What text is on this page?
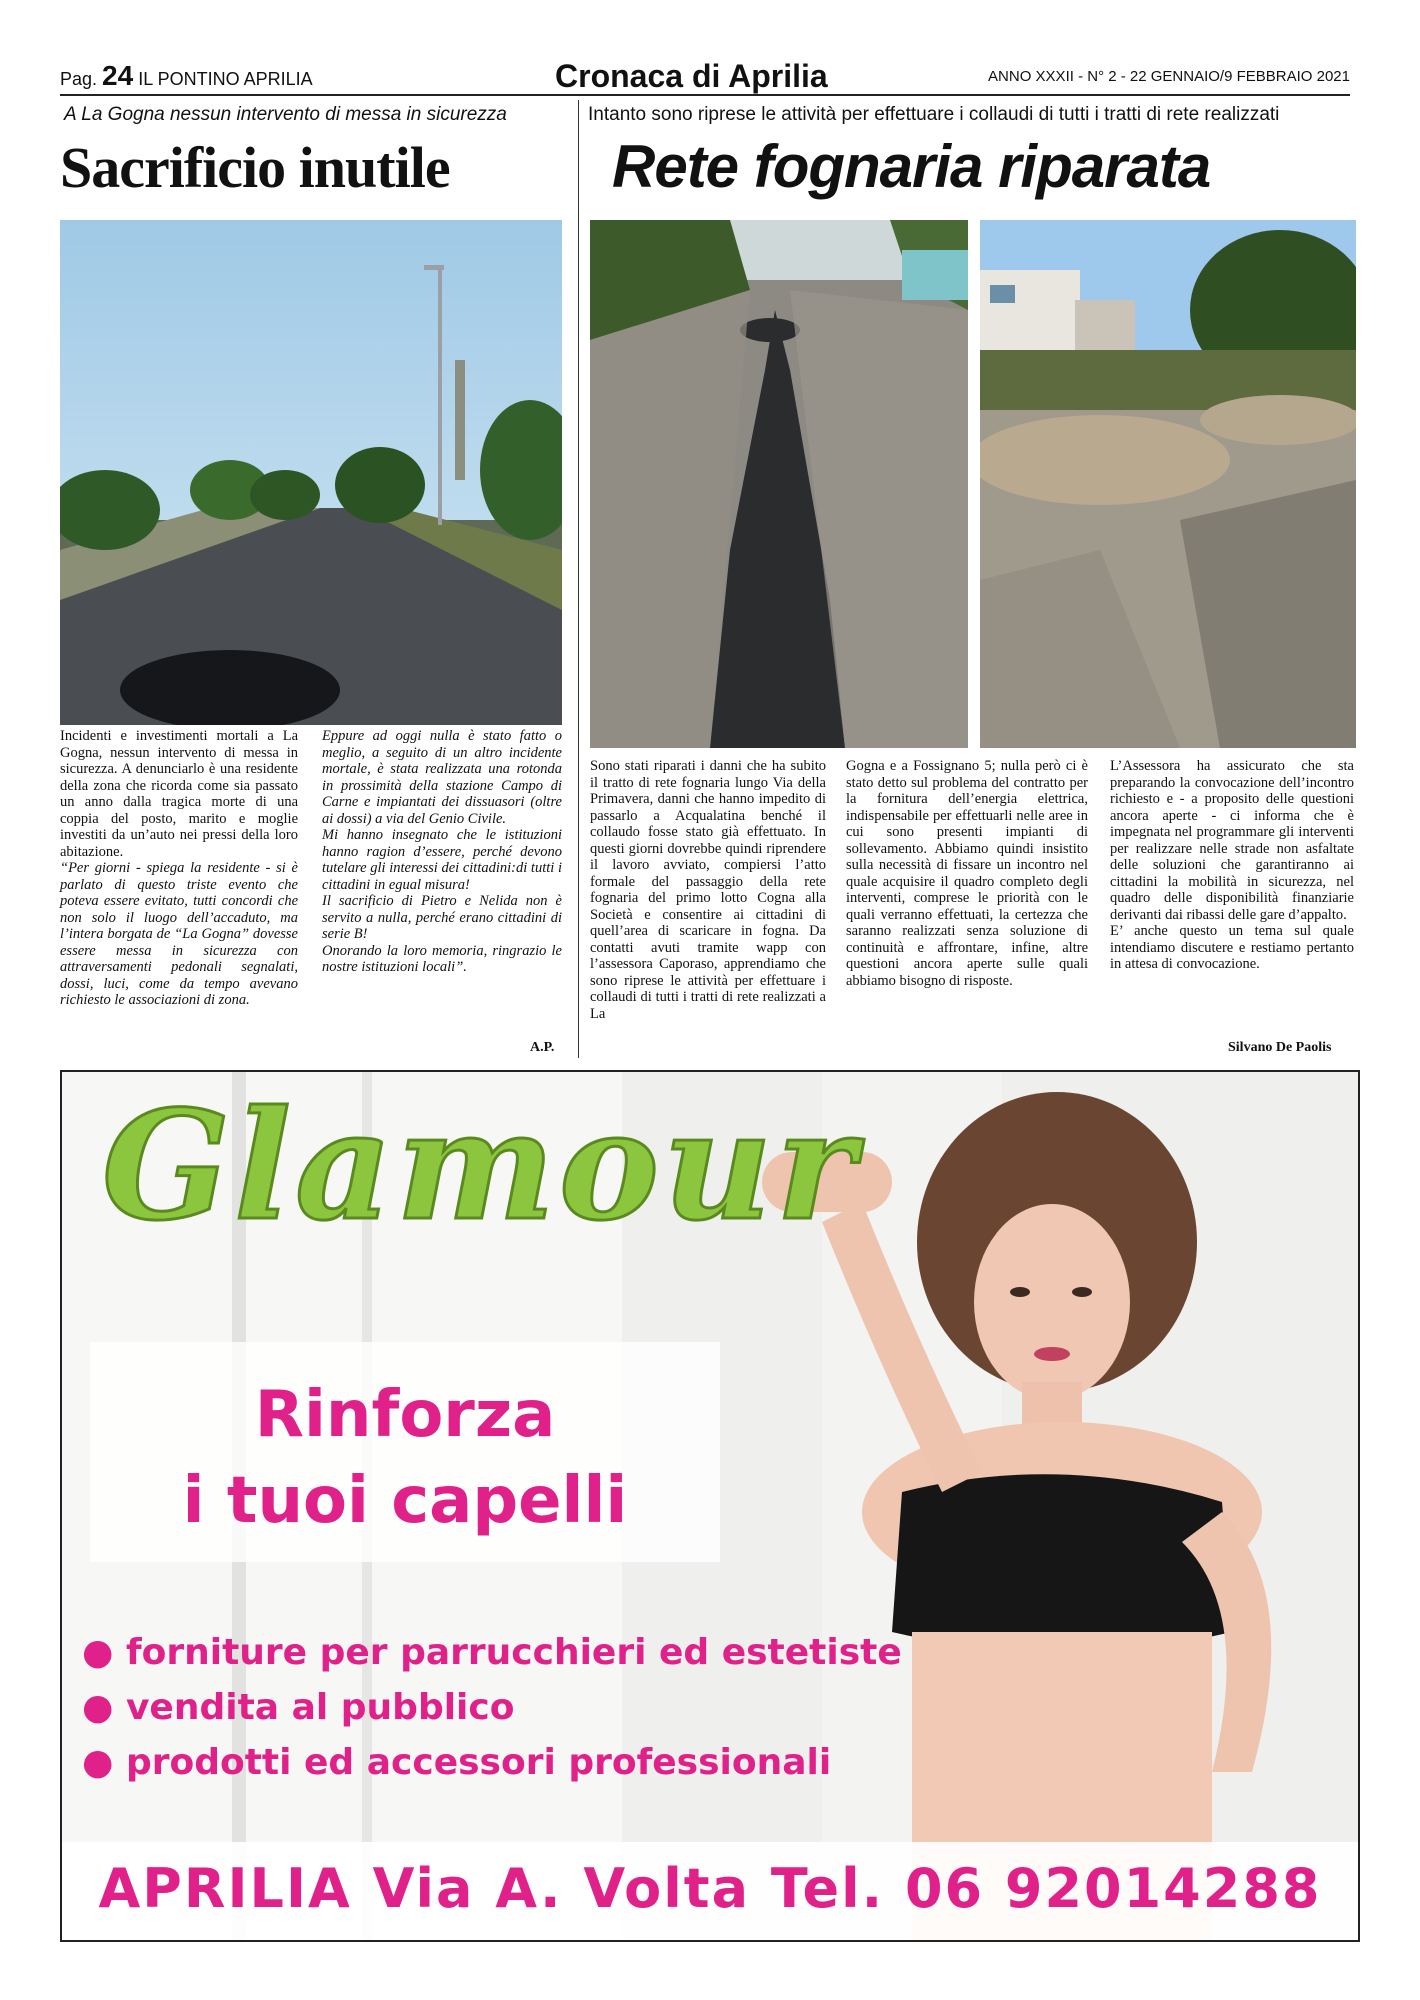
Pag. 24 IL PONTINO APRILIA	Cronaca di Aprilia	ANNO XXXII - N° 2 - 22 GENNAIO/9 FEBBRAIO 2021
A La Gogna nessun intervento di messa in sicurezza
Sacrificio inutile

Incidenti e investimenti mortali a La Gogna, nessun intervento di messa in sicurezza. A denunciarlo è una residente della zona che ricorda come sia passato un anno dalla tragica morte di una coppia del posto, marito e moglie investiti da un’auto nei pressi della loro abitazione.

“Per giorni - spiega la residente - si è parlato di questo triste evento che poteva essere evitato, tutti concordi che non solo il luogo dell’accaduto, ma l’intera borgata de “La Gogna” dovesse essere messa in sicurezza con attraversamenti pedonali segnalati, dossi, luci, come da tempo avevano richiesto le associazioni di zona.

Eppure ad oggi nulla è stato fatto o meglio, a seguito di un altro incidente mortale, è stata realizzata una rotonda in prossimità della stazione Campo di Carne e impiantati dei dissuasori (oltre ai dossi) a via del Genio Civile.

Mi hanno insegnato che le istituzioni hanno ragion d’essere, perché devono tutelare gli interessi dei cittadini:di tutti i cittadini in egual misura!

Il sacrificio di Pietro e Nelida non è servito a nulla, perché erano cittadini di serie B!

Onorando la loro memoria, ringrazio le nostre istituzioni locali”.

A.P.
Intanto sono riprese le attività per effettuare i collaudi di tutti i tratti di rete realizzati
Rete fognaria riparata

Sono stati riparati i danni che ha subito il tratto di rete fognaria lungo Via della Primavera, danni che hanno impedito di passarlo a Acqualatina benché il collaudo fosse stato già effettuato. In questi giorni dovrebbe quindi riprendere il lavoro avviato, compiersi l’atto formale del passaggio della rete fognaria del primo lotto Cogna alla Società e consentire ai cittadini di quell’area di scaricare in fogna. Da contatti avuti tramite wapp con l’assessora Caporaso, apprendiamo che sono riprese le attività per effettuare i collaudi di tutti i tratti di rete realizzati a La

Gogna e a Fossignano 5; nulla però ci è stato detto sul problema del contratto per la fornitura dell’energia elettrica, indispensabile per effettuarli nelle aree in cui sono presenti impianti di sollevamento. Abbiamo quindi insistito sulla necessità di fissare un incontro nel quale acquisire il quadro completo degli interventi, comprese le priorità con le quali verranno effettuati, la certezza che saranno realizzati senza soluzione di continuità e affrontare, infine, altre questioni ancora aperte sulle quali abbiamo bisogno di risposte.

L’Assessora ha assicurato che sta preparando la convocazione dell’incontro richiesto e - a proposito delle questioni ancora aperte - ci informa che è impegnata nel programmare gli interventi per realizzare nelle strade non asfaltate delle soluzioni che garantiranno ai cittadini la mobilità in sicurezza, nel quadro delle disponibilità finanziarie derivanti dai ribassi delle gare d’appalto.

E’ anche questo un tema sul quale intendiamo discutere e restiamo pertanto in attesa di convocazione.

Silvano De Paolis
Glamour
Rinforza
i tuoi capelli
● forniture per parrucchieri ed estetiste
● vendita al pubblico
● prodotti ed accessori professionali
APRILIA Via A. Volta Tel. 06 92014288
